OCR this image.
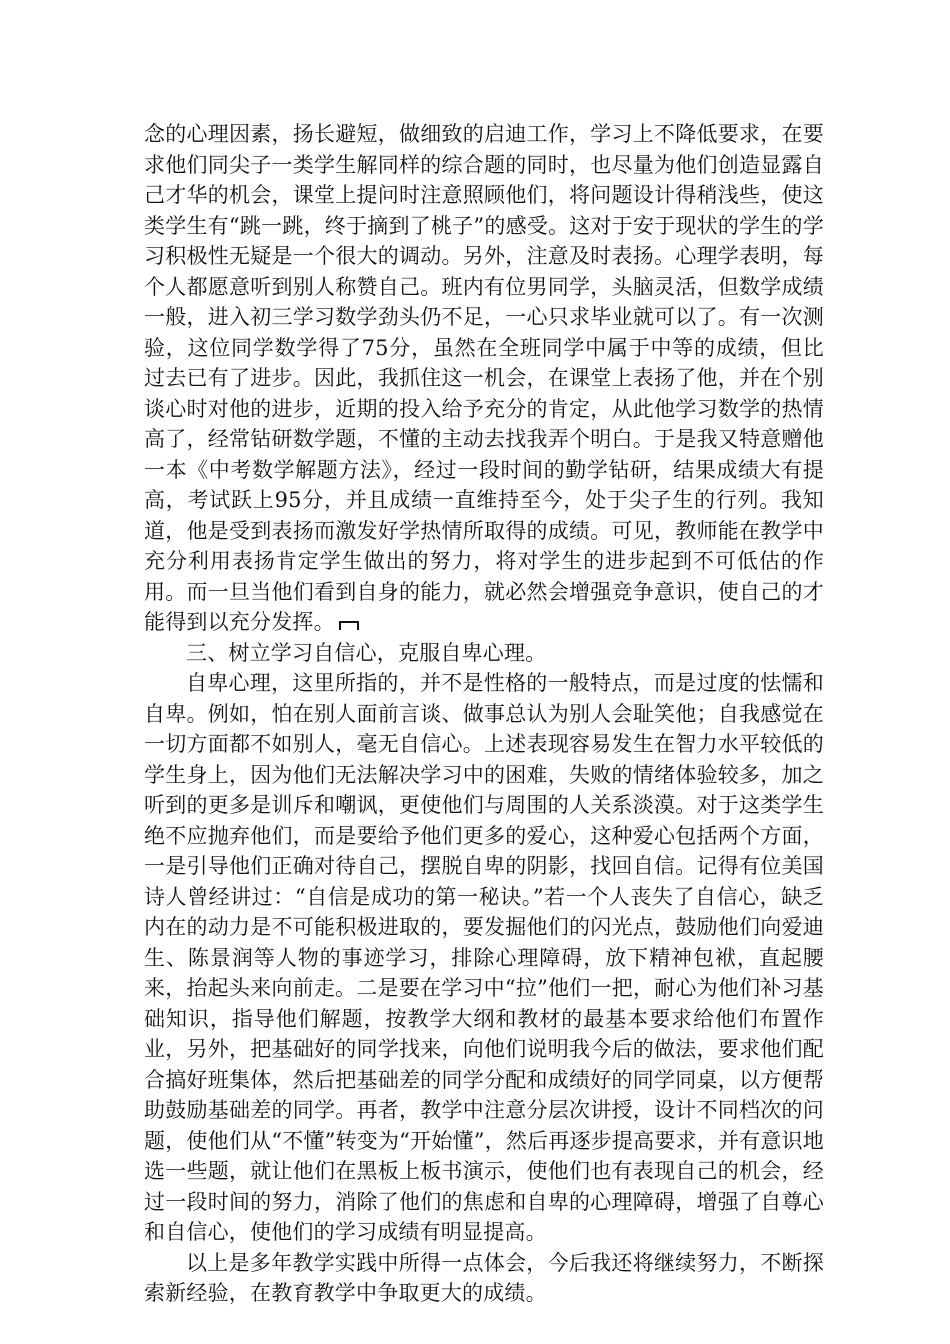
念的心理因素，扬长避短，做细致的启迪工作，学习上不降低要求，在要求他们同尖子一类学生解同样的综合题的同时，也尽量为他们创造显露自己才华的机会，课堂上提问时注意照顾他们，将问题设计得稍浅些，使这类学生有“跳一跳，终于摘到了桃子”的感受。这对于安于现状的学生的学习积极性无疑是一个很大的调动。另外，注意及时表扬。心理学表明，每个人都愿意听到别人称赞自己。班内有位男同学，头脑灵活，但数学成绩一般，进入初三学习数学劲头仍不足，一心只求毕业就可以了。有一次测验，这位同学数学得了75分，虽然在全班同学中属于中等的成绩，但比过去已有了进步。因此，我抓住这一机会，在课堂上表扬了他，并在个别谈心时对他的进步，近期的投入给予充分的肯定，从此他学习数学的热情高了，经常钻研数学题，不懂的主动去找我弄个明白。于是我又特意赠他一本《中考数学解题方法》，经过一段时间的勤学钻研，结果成绩大有提高，考试跃上95分，并且成绩一直维持至今，处于尖子生的行列。我知道，他是受到表扬而激发好学热情所取得的成绩。可见，教师能在教学中充分利用表扬肯定学生做出的努力，将对学生的进步起到不可低估的作用。而一旦当他们看到自身的能力，就必然会增强竞争意识，使自己的才能得到以充分发挥。

三、树立学习自信心，克服自卑心理。

自卑心理，这里所指的，并不是性格的一般特点，而是过度的怯懦和自卑。例如，怕在别人面前言谈、做事总认为别人会耻笑他；自我感觉在一切方面都不如别人，毫无自信心。上述表现容易发生在智力水平较低的学生身上，因为他们无法解决学习中的困难，失败的情绪体验较多，加之听到的更多是训斥和嘲讽，更使他们与周围的人关系淡漠。对于这类学生绝不应抛弃他们，而是要给予他们更多的爱心，这种爱心包括两个方面，一是引导他们正确对待自己，摆脱自卑的阴影，找回自信。记得有位美国诗人曾经讲过：“自信是成功的第一秘诀。”若一个人丧失了自信心，缺乏内在的动力是不可能积极进取的，要发掘他们的闪光点，鼓励他们向爱迪生、陈景润等人物的事迹学习，排除心理障碍，放下精神包袱，直起腰来，抬起头来向前走。二是要在学习中“拉”他们一把，耐心为他们补习基础知识，指导他们解题，按教学大纲和教材的最基本要求给他们布置作业，另外，把基础好的同学找来，向他们说明我今后的做法，要求他们配合搞好班集体，然后把基础差的同学分配和成绩好的同学同桌，以方便帮助鼓励基础差的同学。再者，教学中注意分层次讲授，设计不同档次的问题，使他们从“不懂”转变为“开始懂”，然后再逐步提高要求，并有意识地选一些题，就让他们在黑板上板书演示，使他们也有表现自己的机会，经过一段时间的努力，消除了他们的焦虑和自卑的心理障碍，增强了自尊心和自信心，使他们的学习成绩有明显提高。

以上是多年教学实践中所得一点体会，今后我还将继续努力，不断探索新经验，在教育教学中争取更大的成绩。
